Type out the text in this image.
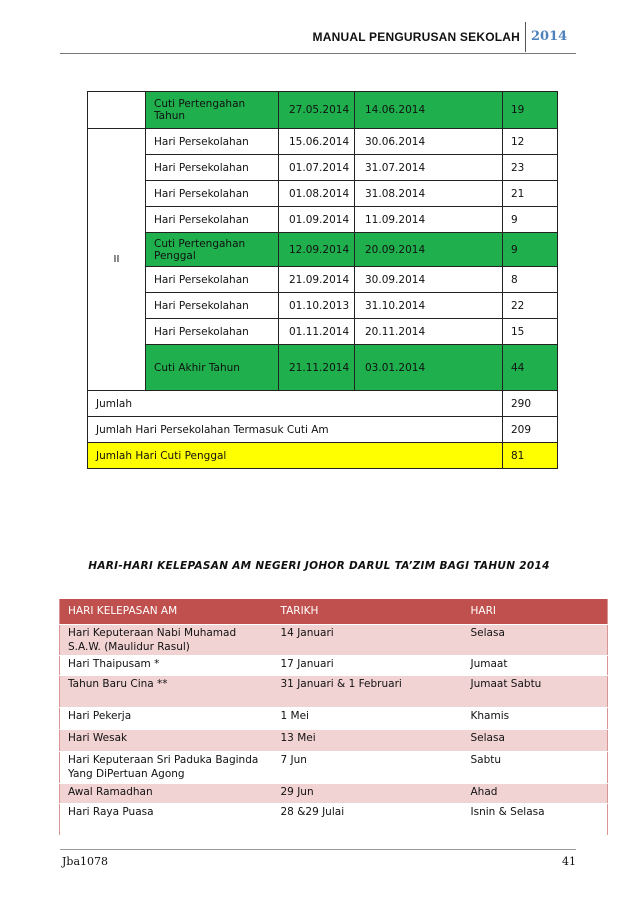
MANUAL PENGURUSAN SEKOLAH 2014
	Cuti Pertengahan Tahun	27.05.2014	14.06.2014	19
II	Hari Persekolahan	15.06.2014	30.06.2014	12
	Hari Persekolahan	01.07.2014	31.07.2014	23
	Hari Persekolahan	01.08.2014	31.08.2014	21
	Hari Persekolahan	01.09.2014	11.09.2014	9
	Cuti Pertengahan Penggal	12.09.2014	20.09.2014	9
	Hari Persekolahan	21.09.2014	30.09.2014	8
	Hari Persekolahan	01.10.2013	31.10.2014	22
	Hari Persekolahan	01.11.2014	20.11.2014	15
	Cuti Akhir Tahun	21.11.2014	03.01.2014	44
Jumlah				290
Jumlah Hari Persekolahan Termasuk Cuti Am				209
Jumlah Hari Cuti Penggal				81
HARI-HARI KELEPASAN AM NEGERI JOHOR DARUL TA’ZIM BAGI TAHUN 2014
HARI KELEPASAN AM	TARIKH	HARI
Hari Keputeraan Nabi Muhamad S.A.W. (Maulidur Rasul)	14 Januari	Selasa
Hari Thaipusam *	17 Januari	Jumaat
Tahun Baru Cina **	31 Januari & 1 Februari	Jumaat Sabtu
Hari Pekerja	1 Mei	Khamis
Hari Wesak	13 Mei	Selasa
Hari Keputeraan Sri Paduka Baginda Yang DiPertuan Agong	7 Jun	Sabtu
Awal Ramadhan	29 Jun	Ahad
Hari Raya Puasa	28 &29 Julai	Isnin & Selasa
Jba1078	41
